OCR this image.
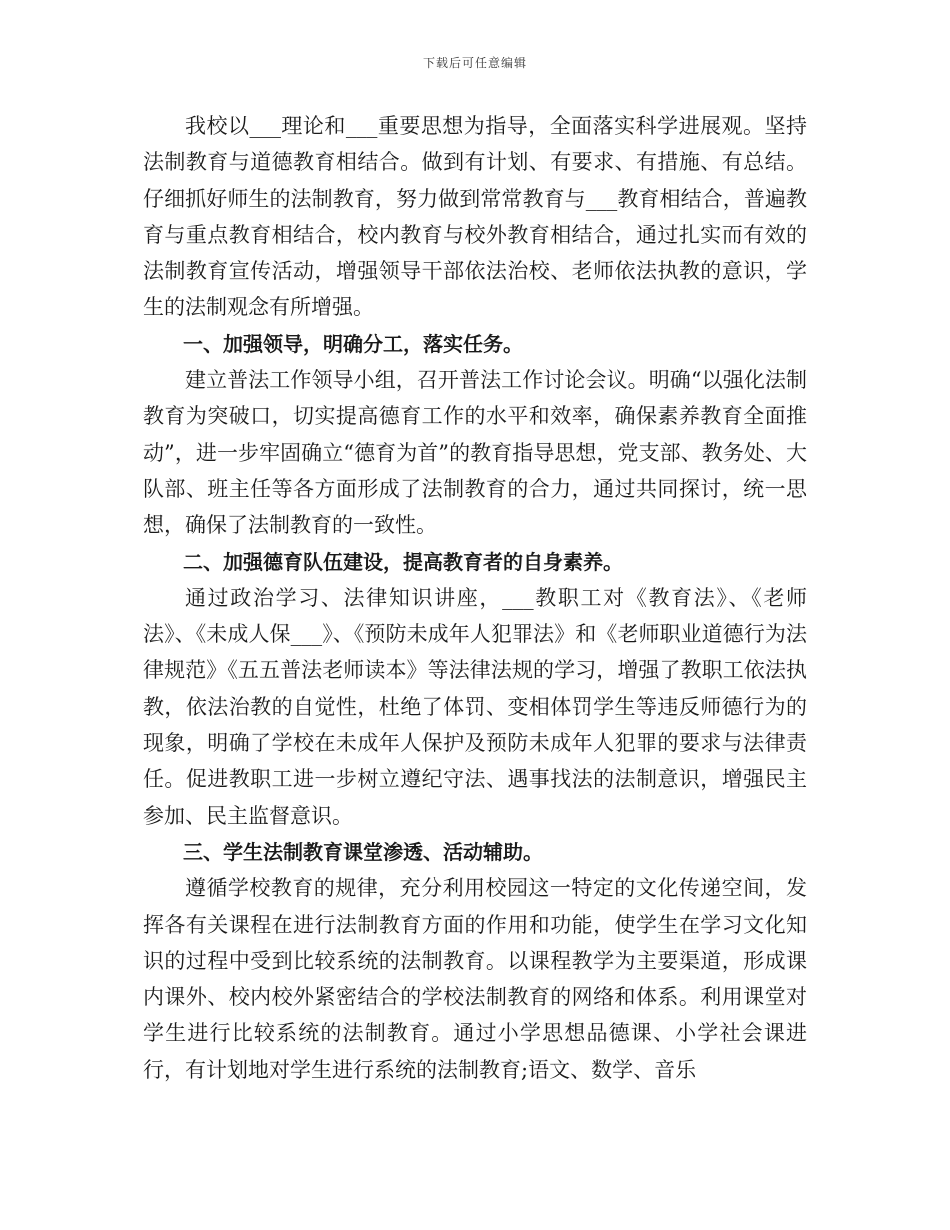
下载后可任意编辑

我校以___理论和___重要思想为指导，全面落实科学进展观。坚持法制教育与道德教育相结合。做到有计划、有要求、有措施、有总结。仔细抓好师生的法制教育，努力做到常常教育与___教育相结合，普遍教育与重点教育相结合，校内教育与校外教育相结合，通过扎实而有效的法制教育宣传活动，增强领导干部依法治校、老师依法执教的意识，学生的法制观念有所增强。

一、加强领导，明确分工，落实任务。

建立普法工作领导小组，召开普法工作讨论会议。明确“以强化法制教育为突破口，切实提高德育工作的水平和效率，确保素养教育全面推动”，进一步牢固确立“德育为首”的教育指导思想，党支部、教务处、大队部、班主任等各方面形成了法制教育的合力，通过共同探讨，统一思想，确保了法制教育的一致性。

二、加强德育队伍建设，提高教育者的自身素养。

通过政治学习、法律知识讲座，___教职工对《教育法》、《老师法》、《未成人保___》、《预防未成年人犯罪法》和《老师职业道德行为法律规范》《五五普法老师读本》等法律法规的学习，增强了教职工依法执教，依法治教的自觉性，杜绝了体罚、变相体罚学生等违反师德行为的现象，明确了学校在未成年人保护及预防未成年人犯罪的要求与法律责任。促进教职工进一步树立遵纪守法、遇事找法的法制意识，增强民主参加、民主监督意识。

三、学生法制教育课堂渗透、活动辅助。

遵循学校教育的规律，充分利用校园这一特定的文化传递空间，发挥各有关课程在进行法制教育方面的作用和功能，使学生在学习文化知识的过程中受到比较系统的法制教育。以课程教学为主要渠道，形成课内课外、校内校外紧密结合的学校法制教育的网络和体系。利用课堂对学生进行比较系统的法制教育。通过小学思想品德课、小学社会课进行，有计划地对学生进行系统的法制教育;语文、数学、音乐
